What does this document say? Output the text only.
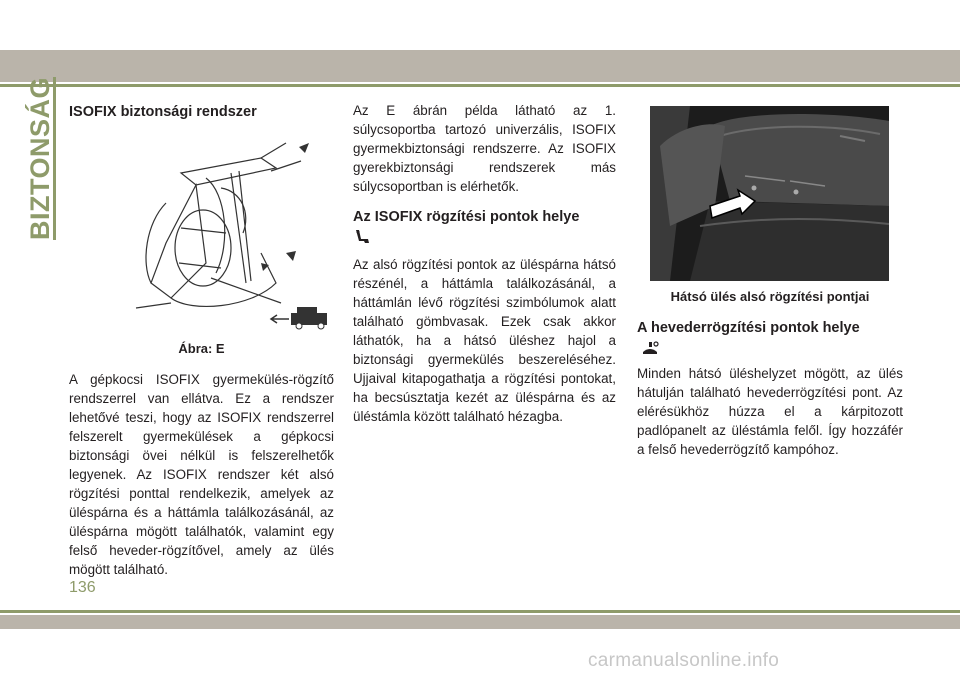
BIZTONSÁG ISOFIX biztonsági rendszer
Ábra: E

A gépkocsi ISOFIX gyermekülés-rögzítő rendszerrel van ellátva. Ez a rendszer lehetővé teszi, hogy az ISOFIX rendszerrel felszerelt gyermekülések a gépkocsi biztonsági övei nélkül is felszerelhetők legyenek. Az ISOFIX rendszer két alsó rögzítési ponttal rendelkezik, amelyek az üléspárna és a háttámla találkozásánál, az üléspárna mögött találhatók, valamint egy felső heveder-rögzítővel, amely az ülés mögött található.

Az E ábrán példa látható az 1. súlycsoportba tartozó univerzális, ISOFIX gyermekbiztonsági rendszerre. Az ISOFIX gyerekbiztonsági rendszerek más súlycsoportban is elérhetők.

Az ISOFIX rögzítési pontok helye

Az alsó rögzítési pontok az üléspárna hátsó részénél, a háttámla találkozásánál, a háttámlán lévő rögzítési szimbólumok alatt található gömbvasak. Ezek csak akkor láthatók, ha a hátsó üléshez hajol a biztonsági gyermekülés beszereléséhez. Ujjaival kitapogathatja a rögzítési pontokat, ha becsúsztatja kezét az üléspárna és az üléstámla között található hézagba.

Hátsó ülés alsó rögzítési pontjai
A hevederrögzítési pontok helye

Minden hátsó üléshelyzet mögött, az ülés hátulján található hevederrögzítési pont. Az elérésükhöz húzza el a kárpitozott padlópanelt az üléstámla felől. Így hozzáfér a felső hevederrögzítő kampóhoz.

136
carmanualsonline.info
